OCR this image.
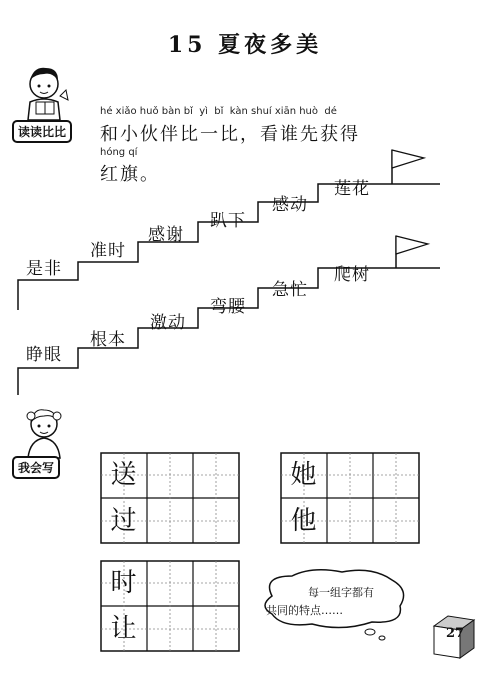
15 夏夜多美
读读比比
hé xiǎo huǒ bàn bǐ  yì  bǐ  kàn shuí xiān huò  dé
和小伙伴比一比，看谁先获得
hóng qí
红旗。
是非
准时
感谢
趴下
感动
莲花
睁眼
根本
激动
弯腰
急忙
爬树
我会写	送
过
她
他
时
让
每一组字都有
共同的特点……
27
